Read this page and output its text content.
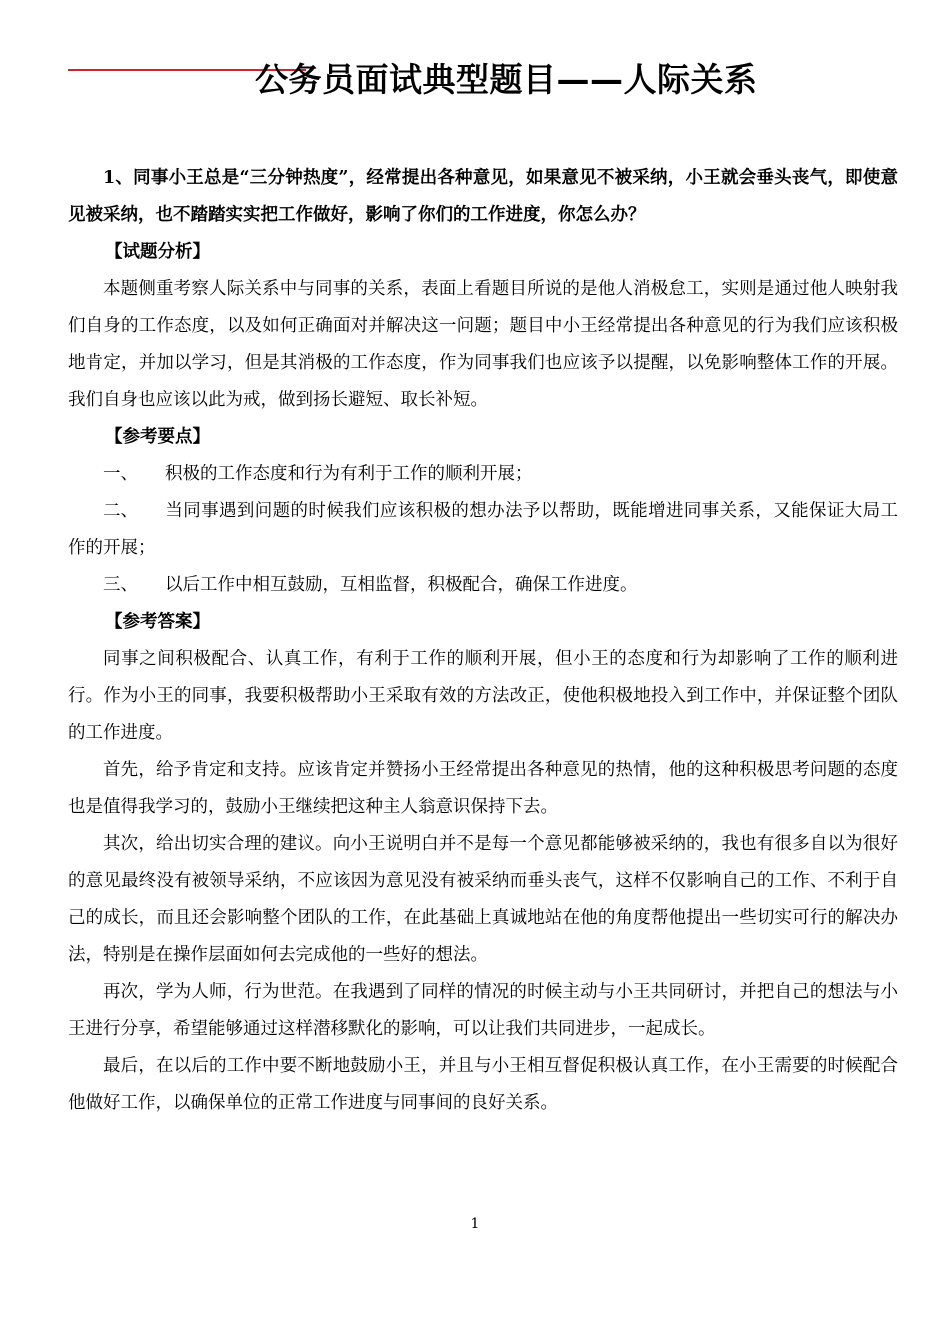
公务员面试典型题目——人际关系

1、同事小王总是“三分钟热度”，经常提出各种意见，如果意见不被采纳，小王就会垂头丧气，即使意见被采纳，也不踏踏实实把工作做好，影响了你们的工作进度，你怎么办？

【试题分析】

本题侧重考察人际关系中与同事的关系，表面上看题目所说的是他人消极怠工，实则是通过他人映射我们自身的工作态度，以及如何正确面对并解决这一问题；题目中小王经常提出各种意见的行为我们应该积极地肯定，并加以学习，但是其消极的工作态度，作为同事我们也应该予以提醒，以免影响整体工作的开展。我们自身也应该以此为戒，做到扬长避短、取长补短。

【参考要点】

一、 积极的工作态度和行为有利于工作的顺利开展；

二、 当同事遇到问题的时候我们应该积极的想办法予以帮助，既能增进同事关系，又能保证大局工作的开展；

三、 以后工作中相互鼓励，互相监督，积极配合，确保工作进度。

【参考答案】

同事之间积极配合、认真工作，有利于工作的顺利开展，但小王的态度和行为却影响了工作的顺利进行。作为小王的同事，我要积极帮助小王采取有效的方法改正，使他积极地投入到工作中，并保证整个团队的工作进度。

首先，给予肯定和支持。应该肯定并赞扬小王经常提出各种意见的热情，他的这种积极思考问题的态度也是值得我学习的，鼓励小王继续把这种主人翁意识保持下去。

其次，给出切实合理的建议。向小王说明白并不是每一个意见都能够被采纳的，我也有很多自以为很好的意见最终没有被领导采纳，不应该因为意见没有被采纳而垂头丧气，这样不仅影响自己的工作、不利于自己的成长，而且还会影响整个团队的工作，在此基础上真诚地站在他的角度帮他提出一些切实可行的解决办法，特别是在操作层面如何去完成他的一些好的想法。

再次，学为人师，行为世范。在我遇到了同样的情况的时候主动与小王共同研讨，并把自己的想法与小王进行分享，希望能够通过这样潜移默化的影响，可以让我们共同进步，一起成长。

最后，在以后的工作中要不断地鼓励小王，并且与小王相互督促积极认真工作，在小王需要的时候配合他做好工作，以确保单位的正常工作进度与同事间的良好关系。

1
